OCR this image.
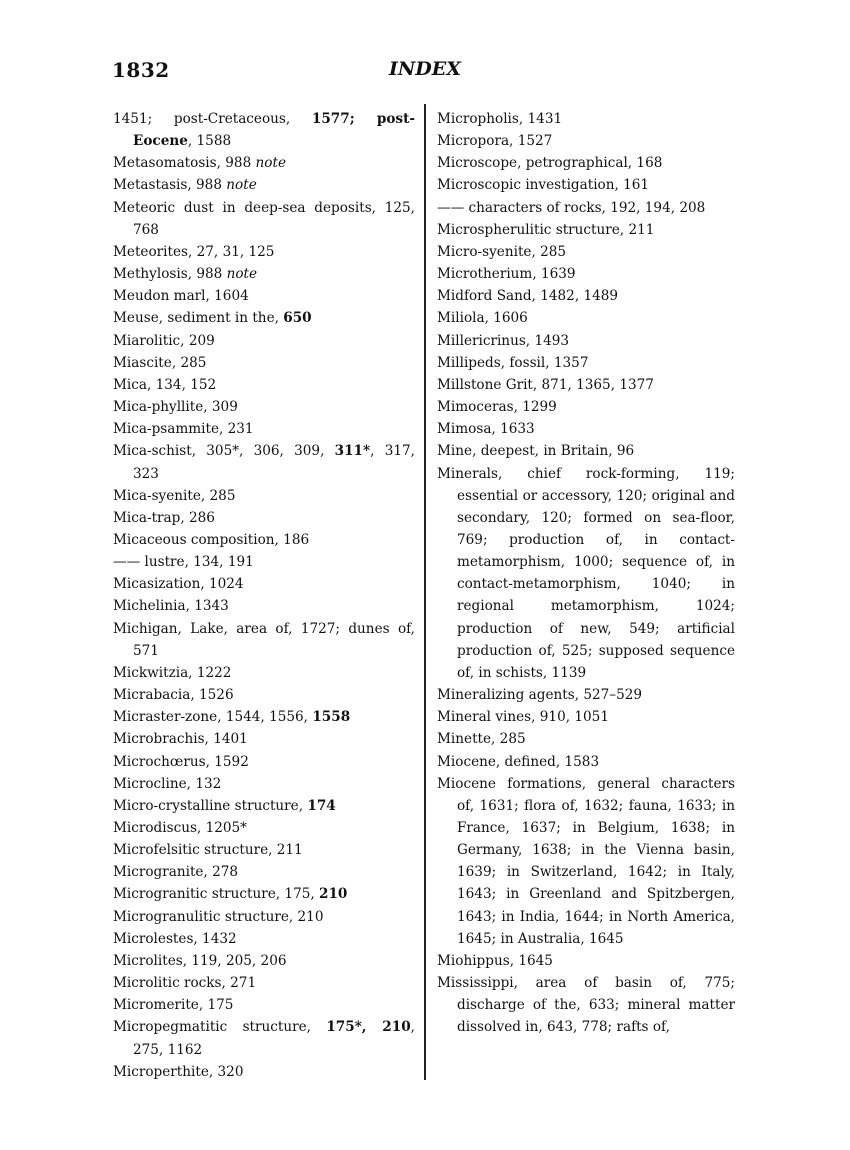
1832	INDEX
1451; post-Cretaceous, 1577; post-Eocene, 1588
Metasomatosis, 988 note
Metastasis, 988 note
Meteoric dust in deep-sea deposits, 125, 768
Meteorites, 27, 31, 125
Methylosis, 988 note
Meudon marl, 1604
Meuse, sediment in the, 650
Miarolitic, 209
Miascite, 285
Mica, 134, 152
Mica-phyllite, 309
Mica-psammite, 231
Mica-schist, 305*, 306, 309, 311*, 317, 323
Mica-syenite, 285
Mica-trap, 286
Micaceous composition, 186
—— lustre, 134, 191
Micasization, 1024
Michelinia, 1343
Michigan, Lake, area of, 1727; dunes of, 571
Mickwitzia, 1222
Micrabacia, 1526
Micraster-zone, 1544, 1556, 1558
Microbrachis, 1401
Microchœrus, 1592
Microcline, 132
Micro-crystalline structure, 174
Microdiscus, 1205*
Microfelsitic structure, 211
Microgranite, 278
Microgranitic structure, 175, 210
Microgranulitic structure, 210
Microlestes, 1432
Microlites, 119, 205, 206
Microlitic rocks, 271
Micromerite, 175
Micropegmatitic structure, 175*, 210, 275, 1162
Microperthite, 320
Micropholis, 1431
Micropora, 1527
Microscope, petrographical, 168
Microscopic investigation, 161
—— characters of rocks, 192, 194, 208
Microspherulitic structure, 211
Micro-syenite, 285
Microtherium, 1639
Midford Sand, 1482, 1489
Miliola, 1606
Millericrinus, 1493
Millipeds, fossil, 1357
Millstone Grit, 871, 1365, 1377
Mimoceras, 1299
Mimosa, 1633
Mine, deepest, in Britain, 96
Minerals, chief rock-forming, 119; essential or accessory, 120; original and secondary, 120; formed on sea-floor, 769; production of, in contact-metamorphism, 1000; sequence of, in contact-metamorphism, 1040; in regional metamorphism, 1024; production of new, 549; artificial production of, 525; supposed sequence of, in schists, 1139
Mineralizing agents, 527–529
Mineral vines, 910, 1051
Minette, 285
Miocene, defined, 1583
Miocene formations, general characters of, 1631; flora of, 1632; fauna, 1633; in France, 1637; in Belgium, 1638; in Germany, 1638; in the Vienna basin, 1639; in Switzerland, 1642; in Italy, 1643; in Greenland and Spitzbergen, 1643; in India, 1644; in North America, 1645; in Australia, 1645
Miohippus, 1645
Mississippi, area of basin of, 775; discharge of the, 633; mineral matter dissolved in, 643, 778; rafts of,
